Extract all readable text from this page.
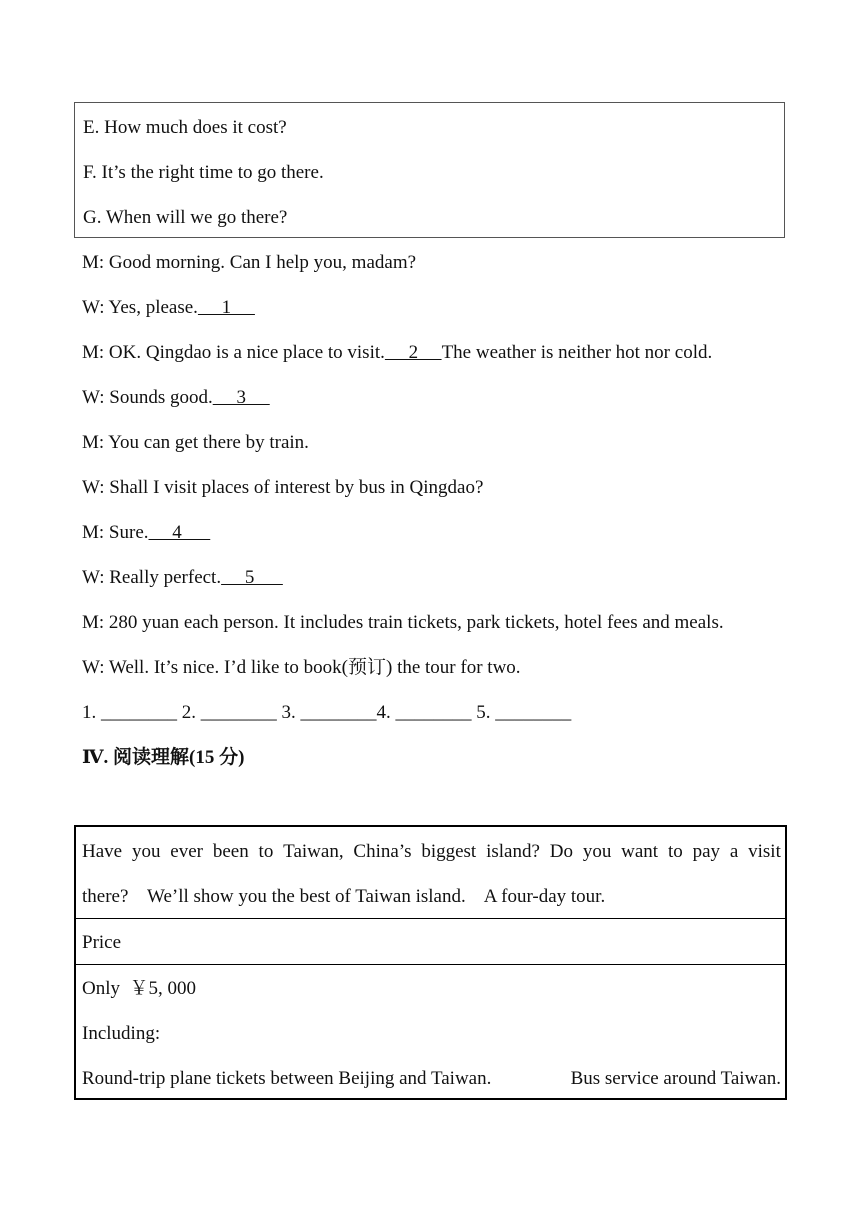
E. How much does it cost?
F. It’s the right time to go there.
G. When will we go there?
M: Good morning. Can I help you, madam?
W: Yes, please.     1
M: OK. Qingdao is a nice place to visit.     2     The weather is neither hot nor cold.
W: Sounds good.     3
M: You can get there by train.
W: Shall I visit places of interest by bus in Qingdao?
M: Sure.     4
W: Really perfect.     5
M: 280 yuan each person. It includes train tickets, park tickets, hotel fees and meals.
W: Well. It’s nice. I’d like to book(预订) the tour for two.
1. ________ 2. ________ 3. ________4. ________ 5. ________
Ⅳ. 阅读理解(15 分)
Have you ever been to Taiwan, China’s biggest island? Do you want to pay a visit
there?    We’ll show you the best of Taiwan island.    A four-day tour.
Price
Only  ￥5, 000
Including:
Round-trip plane tickets between Beijing and Taiwan.	Bus service around Taiwan.
